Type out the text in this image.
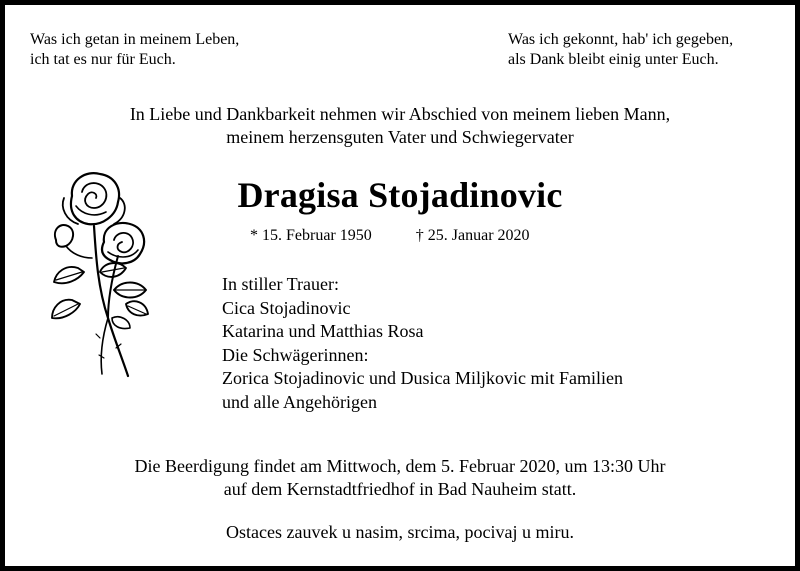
Was ich getan in meinem Leben,
ich tat es nur für Euch.
Was ich gekonnt, hab' ich gegeben,
als Dank bleibt einig unter Euch.
In Liebe und Dankbarkeit nehmen wir Abschied von meinem lieben Mann,
meinem herzensguten Vater und Schwiegervater
Dragisa Stojadinovic
* 15. Februar 1950	† 25. Januar 2020
In stiller Trauer:
Cica Stojadinovic
Katarina und Matthias Rosa
Die Schwägerinnen:
Zorica Stojadinovic und Dusica Miljkovic mit Familien
und alle Angehörigen
Die Beerdigung findet am Mittwoch, dem 5. Februar 2020, um 13:30 Uhr
auf dem Kernstadtfriedhof in Bad Nauheim statt.
Ostaces zauvek u nasim, srcima, pocivaj u miru.
